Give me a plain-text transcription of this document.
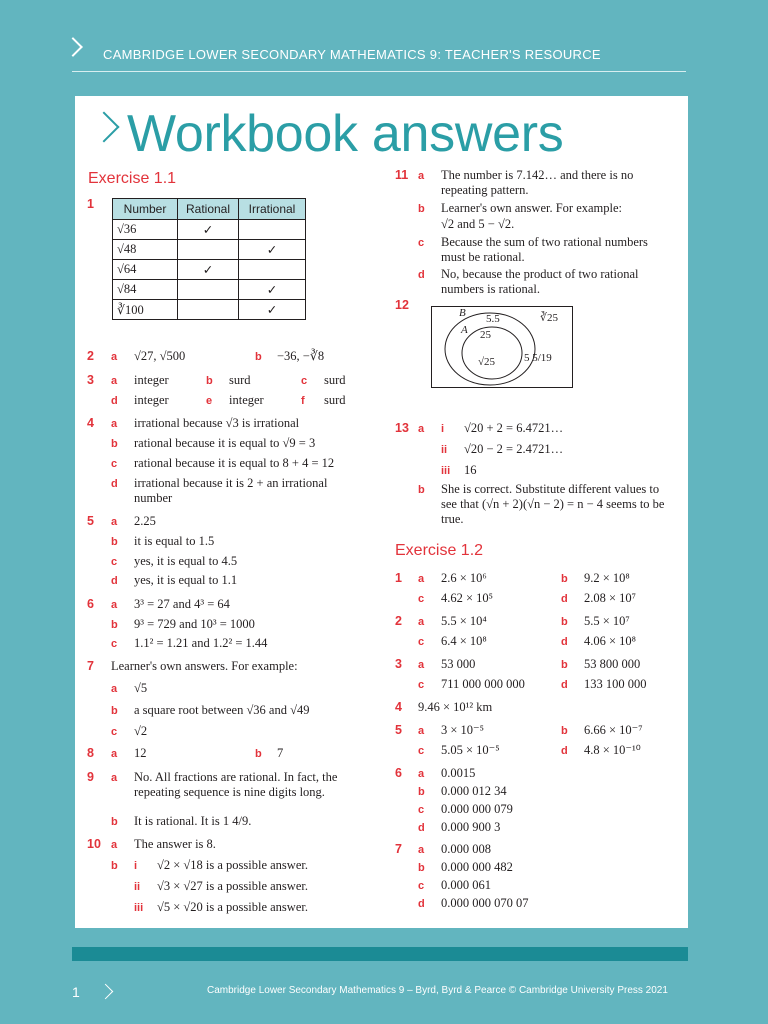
CAMBRIDGE LOWER SECONDARY MATHEMATICS 9: TEACHER'S RESOURCE
Workbook answers
Exercise 1.1
1 Number	Rational	Irrational
√36	✓	
√48		✓
√64	✓	
√84		✓
∛100		✓
2 a √27, √500	b −36, −∛8
3 a integer	b surd	c surd
d integer	e integer	f surd
4 a irrational because √3 is irrational
b rational because it is equal to √9 = 3
c rational because it is equal to 8 + 4 = 12
d irrational because it is 2 + an irrational number
5 a 2.25
b it is equal to 1.5
c yes, it is equal to 4.5
d yes, it is equal to 1.1
6 a 3³ = 27 and 4³ = 64
b 9³ = 729 and 10³ = 1000
c 1.1² = 1.21 and 1.2² = 1.44
7 Learner's own answers. For example:
a √5
b a square root between √36 and √49
c √2
8 a 12	b 7
9 a No. All fractions are rational. In fact, the repeating sequence is nine digits long.
b It is rational. It is 1 4/9.
10 a The answer is 8.
b i √2 × √18 is a possible answer.
ii √3 × √27 is a possible answer.
iii √5 × √20 is a possible answer.
11 a The number is 7.142… and there is no repeating pattern.
b Learner's own answer. For example:
√2 and 5 − √2.
c Because the sum of two rational numbers must be rational.
d No, because the product of two rational numbers is rational.
12
B
A
5.5
25
√25
∛25
5 5/19
13 a i √20 + 2 = 6.4721…
ii √20 − 2 = 2.4721…
iii 16
b She is correct. Substitute different values to see that (√n + 2)(√n − 2) = n − 4 seems to be true.
Exercise 1.2
1 a 2.6 × 10⁶	b 9.2 × 10⁸
c 4.62 × 10⁵	d 2.08 × 10⁷
2 a 5.5 × 10⁴	b 5.5 × 10⁷
c 6.4 × 10⁸	d 4.06 × 10⁸
3 a 53 000	b 53 800 000
c 711 000 000 000	d 133 100 000
4 9.46 × 10¹² km
5 a 3 × 10⁻⁵	b 6.66 × 10⁻⁷
c 5.05 × 10⁻⁵	d 4.8 × 10⁻¹⁰
6 a 0.0015
b 0.000 012 34
c 0.000 000 079
d 0.000 900 3
7 a 0.000 008
b 0.000 000 482
c 0.000 061
d 0.000 000 070 07
1	Cambridge Lower Secondary Mathematics 9 – Byrd, Byrd & Pearce © Cambridge University Press 2021
